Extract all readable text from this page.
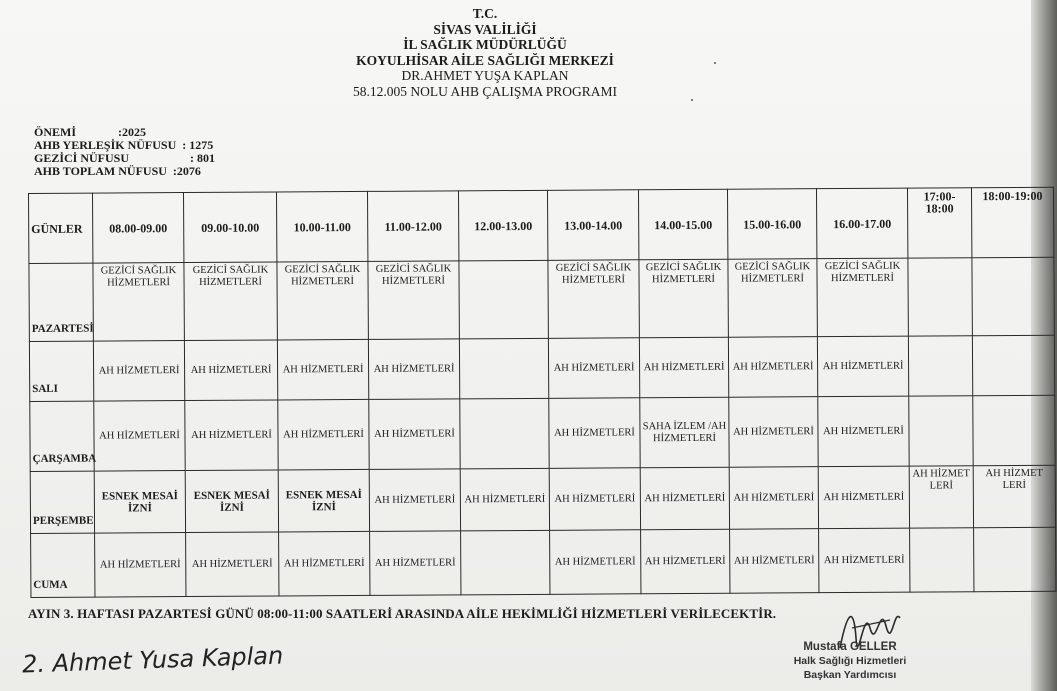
T.C.
SİVAS VALİLİĞİ
İL SAĞLIK MÜDÜRLÜĞÜ
KOYULHİSAR AİLE SAĞLIĞI MERKEZİ
DR.AHMET YUŞA KAPLAN
58.12.005 NOLU AHB ÇALIŞMA PROGRAMI
ÖNEMİ	:2025
AHB YERLEŞİK NÜFUSU : 1275
GEZİCİ NÜFUSU	: 801
AHB TOPLAM NÜFUSU :2076
GÜNLER	08.00-09.00	09.00-10.00	10.00-11.00	11.00-12.00	12.00-13.00	13.00-14.00	14.00-15.00	15.00-16.00	16.00-17.00	17:00-18:00	18:00-19:00
PAZARTESİ	GEZİCİ SAĞLIK HİZMETLERİ	GEZİCİ SAĞLIK HİZMETLERİ	GEZİCİ SAĞLIK HİZMETLERİ	GEZİCİ SAĞLIK HİZMETLERİ		GEZİCİ SAĞLIK HİZMETLERİ	GEZİCİ SAĞLIK HİZMETLERİ	GEZİCİ SAĞLIK HİZMETLERİ	GEZİCİ SAĞLIK HİZMETLERİ		
SALI	AH HİZMETLERİ	AH HİZMETLERİ	AH HİZMETLERİ	AH HİZMETLERİ		AH HİZMETLERİ	AH HİZMETLERİ	AH HİZMETLERİ	AH HİZMETLERİ		
ÇARŞAMBA	AH HİZMETLERİ	AH HİZMETLERİ	AH HİZMETLERİ	AH HİZMETLERİ		AH HİZMETLERİ	SAHA İZLEM /AH HİZMETLERİ	AH HİZMETLERİ	AH HİZMETLERİ		
PERŞEMBE	ESNEK MESAİ İZNİ	ESNEK MESAİ İZNİ	ESNEK MESAİ İZNİ	AH HİZMETLERİ	AH HİZMETLERİ	AH HİZMETLERİ	AH HİZMETLERİ	AH HİZMETLERİ	AH HİZMETLERİ	AH HİZMET LERİ	AH HİZMET LERİ
CUMA	AH HİZMETLERİ	AH HİZMETLERİ	AH HİZMETLERİ	AH HİZMETLERİ		AH HİZMETLERİ	AH HİZMETLERİ	AH HİZMETLERİ	AH HİZMETLERİ		
AYIN 3. HAFTASI PAZARTESİ GÜNÜ 08:00-11:00 SAATLERİ ARASINDA AİLE HEKİMLİĞİ HİZMETLERİ VERİLECEKTİR.
2. Ahmet Yusa Kaplan	Mustafa GELLER
Halk Sağlığı Hizmetleri
Başkan Yardımcısı
